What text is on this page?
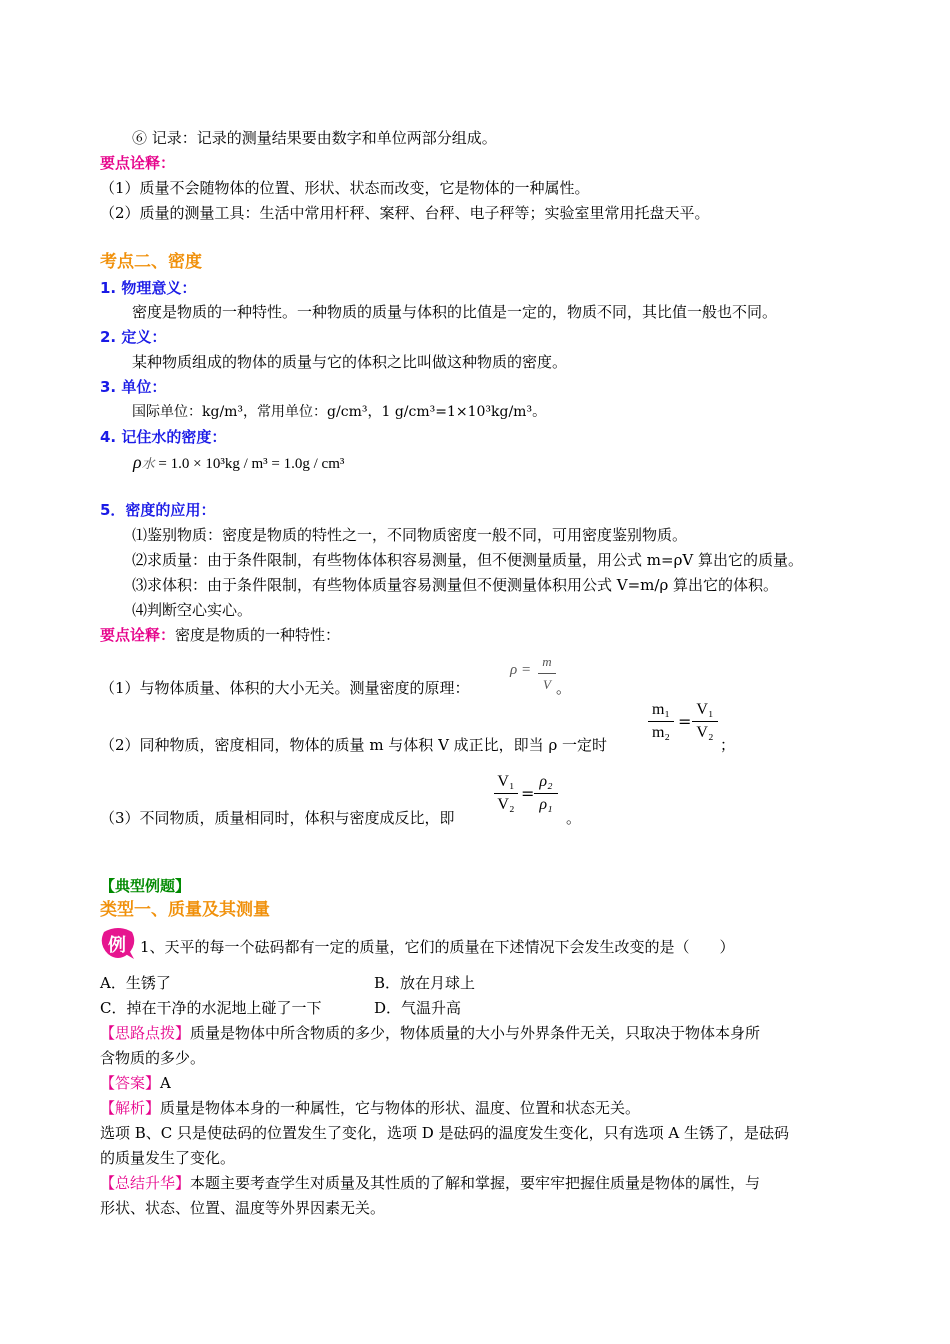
⑥ 记录：记录的测量结果要由数字和单位两部分组成。
要点诠释：
（1）质量不会随物体的位置、形状、状态而改变，它是物体的一种属性。
（2）质量的测量工具：生活中常用杆秤、案秤、台秤、电子秤等；实验室里常用托盘天平。
考点二、密度
1. 物理意义：
密度是物质的一种特性。一种物质的质量与体积的比值是一定的，物质不同，其比值一般也不同。
2. 定义：
某种物质组成的物体的质量与它的体积之比叫做这种物质的密度。
3. 单位：
国际单位：kg/m³，常用单位：g/cm³，1 g/cm³=1×10³kg/m³。
4. 记住水的密度：
ρ水 = 1.0 × 10³kg / m³ = 1.0g / cm³
5．密度的应用：
⑴鉴别物质：密度是物质的特性之一，不同物质密度一般不同，可用密度鉴别物质。
⑵求质量：由于条件限制，有些物体体积容易测量，但不便测量质量，用公式 m=ρV 算出它的质量。
⑶求体积：由于条件限制，有些物体质量容易测量但不便测量体积用公式 V=m/ρ 算出它的体积。
⑷判断空心实心。
要点诠释：密度是物质的一种特性：
（1）与物体质量、体积的大小无关。测量密度的原理：
ρ =
m
V 。
（2）同种物质，密度相同，物体的质量 m 与体积 V 成正比，即当 ρ 一定时
m₁
m₂
=
V₁
V₂
；
（3）不同物质，质量相同时，体积与密度成反比，即
V₁
V₂
=
ρ₂
ρ₁
。
【典型例题】
类型一、质量及其测量
例 1、天平的每一个砝码都有一定的质量，它们的质量在下述情况下会发生改变的是（　　）
A．生锈了	B．放在月球上
C．掉在干净的水泥地上碰了一下	D．气温升高
【思路点拨】质量是物体中所含物质的多少，物体质量的大小与外界条件无关，只取决于物体本身所
含物质的多少。
【答案】A
【解析】质量是物体本身的一种属性，它与物体的形状、温度、位置和状态无关。
选项 B、C 只是使砝码的位置发生了变化，选项 D 是砝码的温度发生变化，只有选项 A 生锈了，是砝码
的质量发生了变化。
【总结升华】本题主要考查学生对质量及其性质的了解和掌握，要牢牢把握住质量是物体的属性，与
形状、状态、位置、温度等外界因素无关。
